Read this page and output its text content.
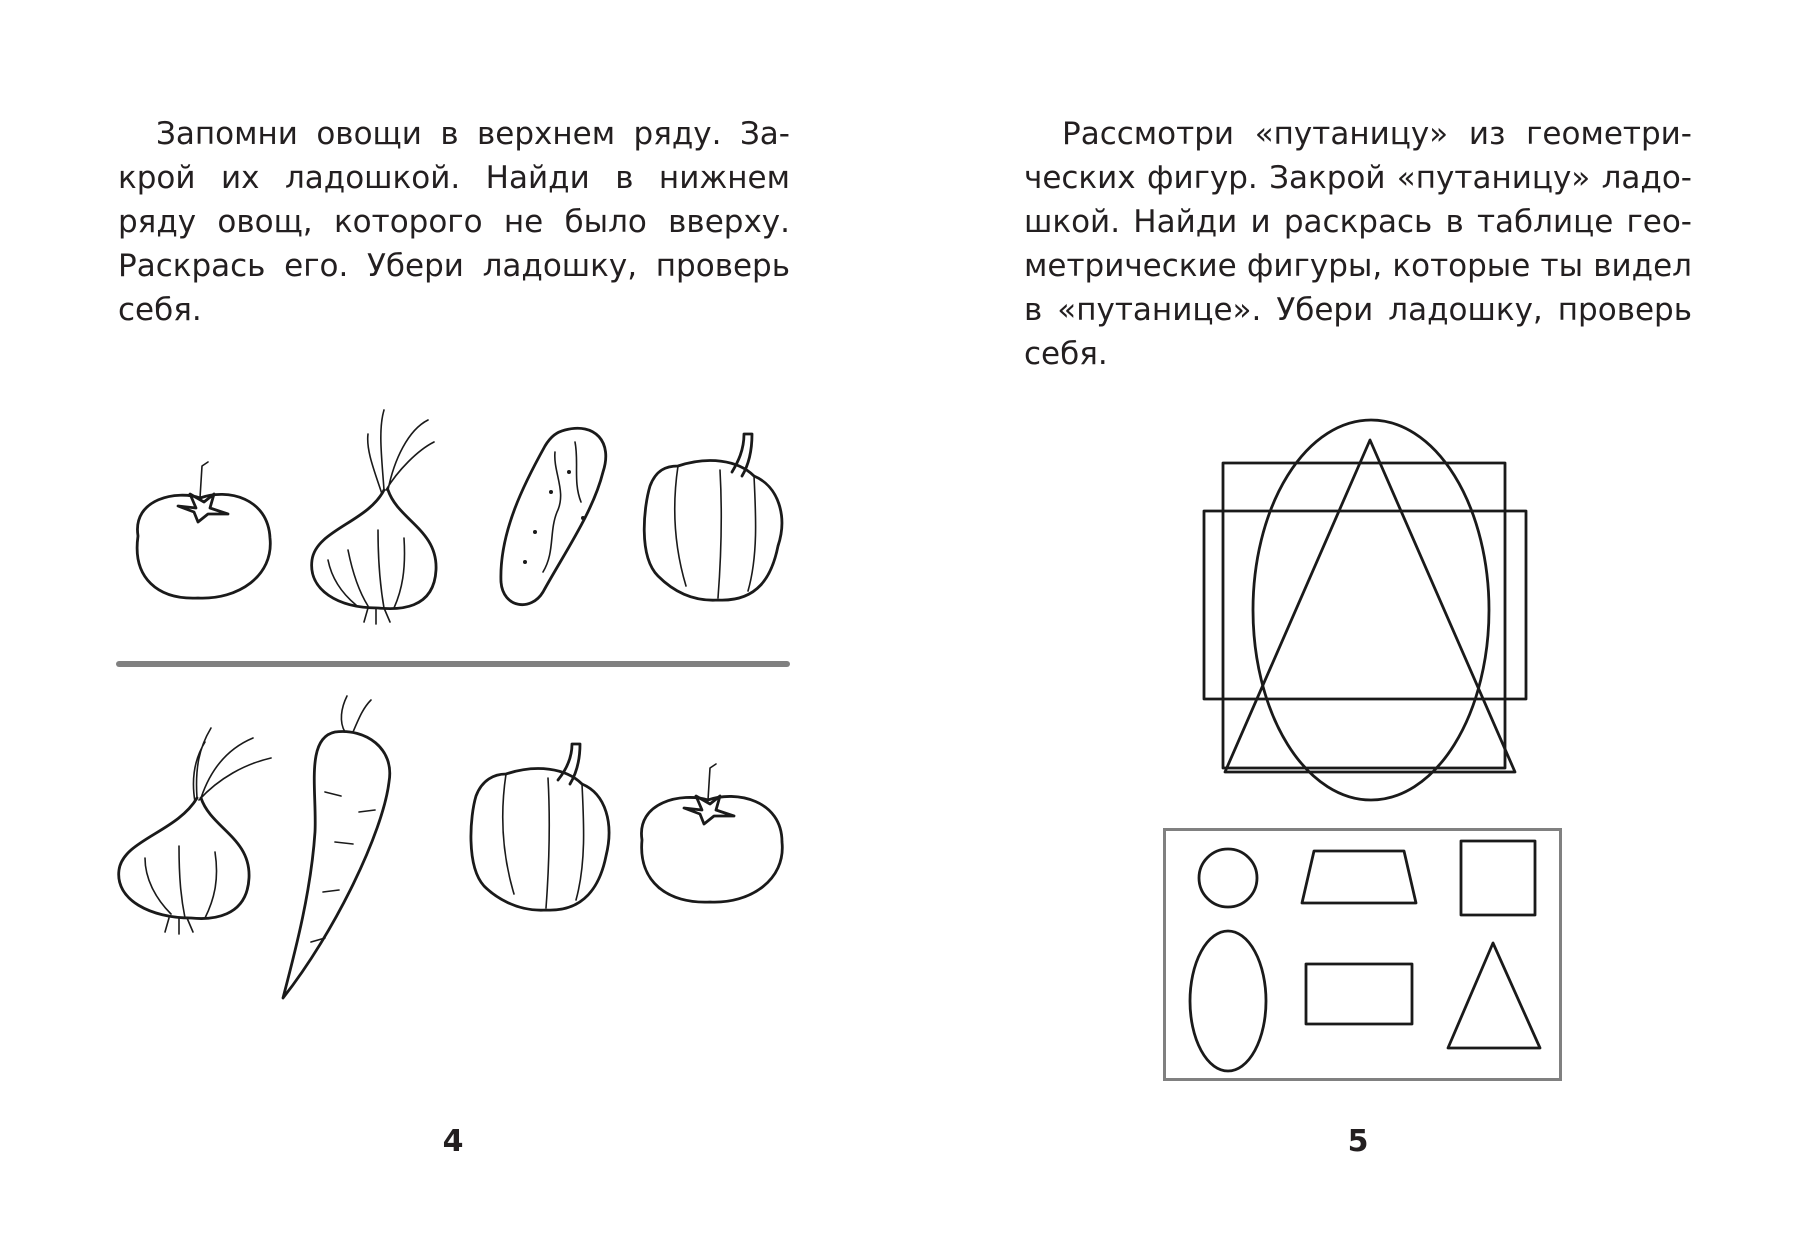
Запомни овощи в верхнем ряду. За- крой их ладошкой. Найди в нижнем ряду овощ, которого не было вверху. Раскрась его. Убери ладошку, проверь себя.

4

Рассмотри «путаницу» из геометри- ческих фигур. Закрой «путаницу» ладо- шкой. Найди и раскрась в таблице гео- метрические фигуры, которые ты видел в «путанице». Убери ладошку, проверь себя.

5
